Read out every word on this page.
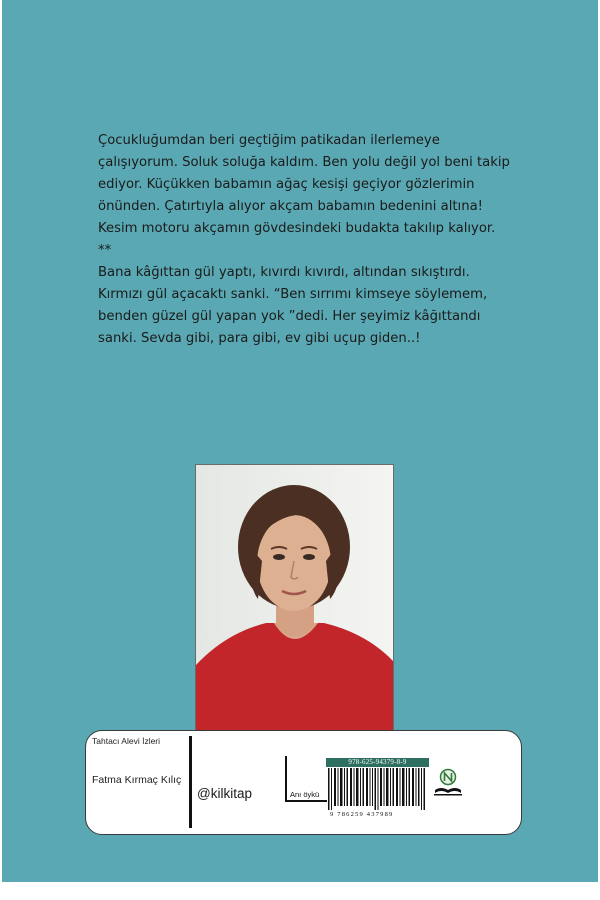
Çocukluğumdan beri geçtiğim patikadan ilerlemeye
çalışıyorum. Soluk soluğa kaldım. Ben yolu değil yol beni takip
ediyor. Küçükken babamın ağaç kesişi geçiyor gözlerimin
önünden. Çatırtıyla alıyor akçam babamın bedenini altına!
Kesim motoru akçamın gövdesindeki budakta takılıp kalıyor.

**

Bana kâğıttan gül yaptı, kıvırdı kıvırdı, altından sıkıştırdı.
Kırmızı gül açacaktı sanki. “Ben sırrımı kimseye söylemem,
benden güzel gül yapan yok ”dedi. Her şeyimiz kâğıttandı
sanki. Sevda gibi, para gibi, ev gibi uçup giden..!

Tahtacı Alevi İzleri
Fatma Kırmaç Kılıç
@kilkitap	Anı öykü
978-625-94379-8-9
9 786259 437989
